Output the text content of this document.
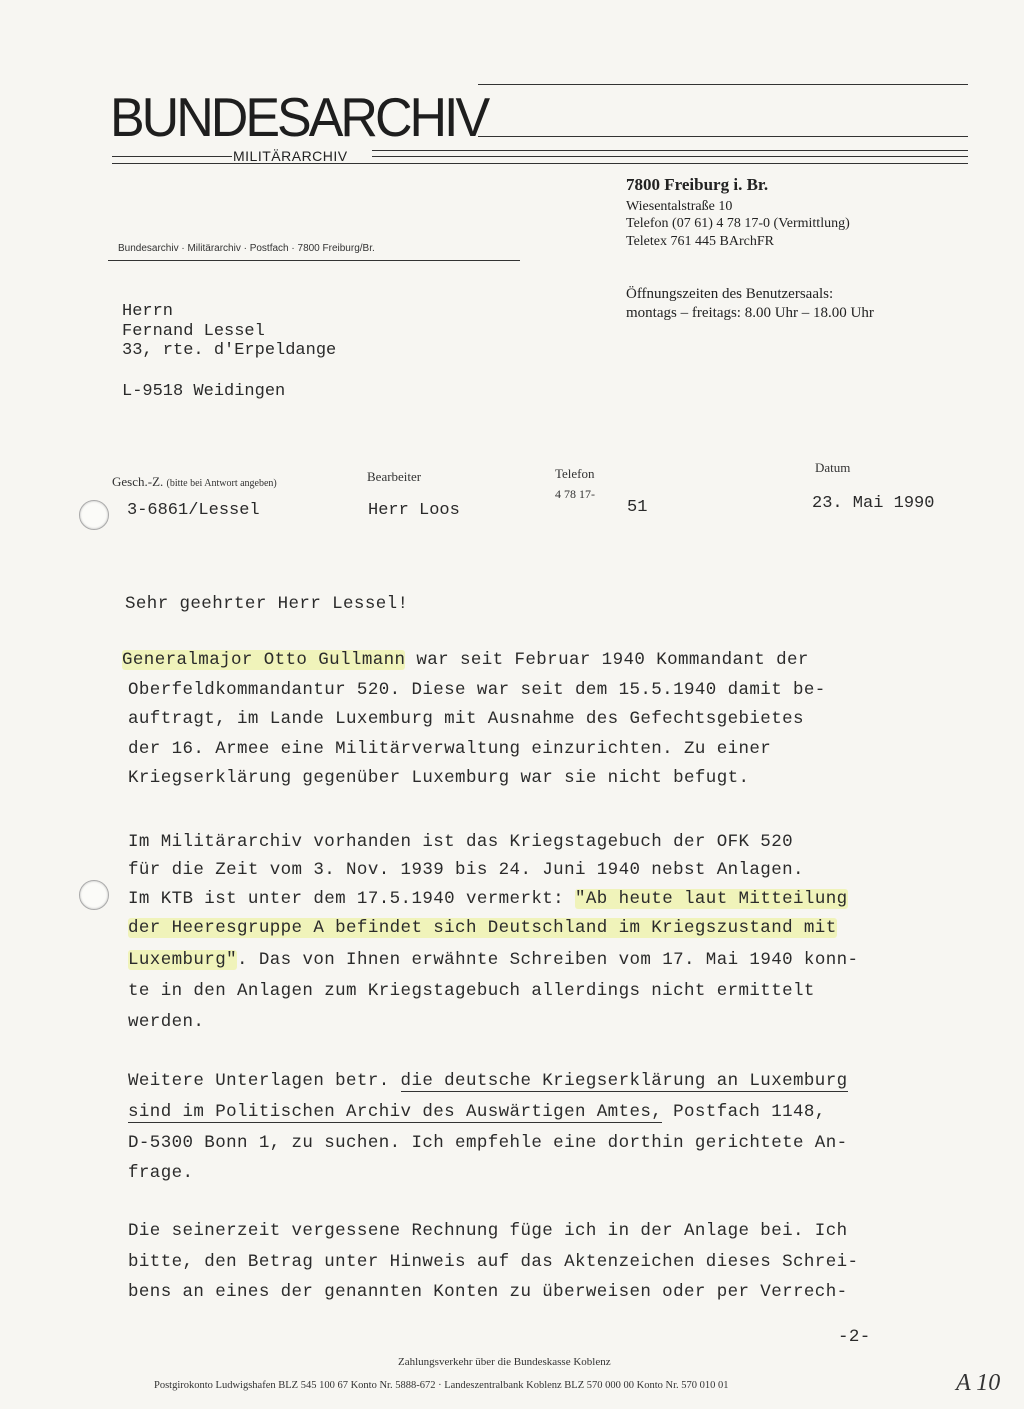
BUNDESARCHIV
MILITÄRARCHIV
Bundesarchiv · Militärarchiv · Postfach · 7800 Freiburg/Br.
7800 Freiburg i. Br.
Wiesentalstraße 10
Telefon (07 61) 4 78 17-0 (Vermittlung)
Teletex 761 445 BArchFR
Öffnungszeiten des Benutzersaals:
montags – freitags: 8.00 Uhr – 18.00 Uhr
Herrn
Fernand Lessel
33, rte. d'Erpeldange
L-9518 Weidingen
Gesch.-Z. (bitte bei Antwort angeben)	Bearbeiter	Telefon
4 78 17-
Datum
3-6861/Lessel	Herr Loos	51	23. Mai 1990
Sehr geehrter Herr Lessel!
Generalmajor Otto Gullmann war seit Februar 1940 Kommandant der
Oberfeldkommandantur 520. Diese war seit dem 15.5.1940 damit be-
auftragt, im Lande Luxemburg mit Ausnahme des Gefechtsgebietes
der 16. Armee eine Militärverwaltung einzurichten. Zu einer
Kriegserklärung gegenüber Luxemburg war sie nicht befugt.
Im Militärarchiv vorhanden ist das Kriegstagebuch der OFK 520
für die Zeit vom 3. Nov. 1939 bis 24. Juni 1940 nebst Anlagen.
Im KTB ist unter dem 17.5.1940 vermerkt: "Ab heute laut Mitteilung
der Heeresgruppe A befindet sich Deutschland im Kriegszustand mit
Luxemburg". Das von Ihnen erwähnte Schreiben vom 17. Mai 1940 konn-
te in den Anlagen zum Kriegstagebuch allerdings nicht ermittelt
werden.
Weitere Unterlagen betr. die deutsche Kriegserklärung an Luxemburg
sind im Politischen Archiv des Auswärtigen Amtes, Postfach 1148,
D-5300 Bonn 1, zu suchen. Ich empfehle eine dorthin gerichtete An-
frage.
Die seinerzeit vergessene Rechnung füge ich in der Anlage bei. Ich
bitte, den Betrag unter Hinweis auf das Aktenzeichen dieses Schrei-
bens an eines der genannten Konten zu überweisen oder per Verrech-
-2-
Zahlungsverkehr über die Bundeskasse Koblenz
Postgirokonto Ludwigshafen BLZ 545 100 67 Konto Nr. 5888-672 · Landeszentralbank Koblenz BLZ 570 000 00 Konto Nr. 570 010 01	A 10
